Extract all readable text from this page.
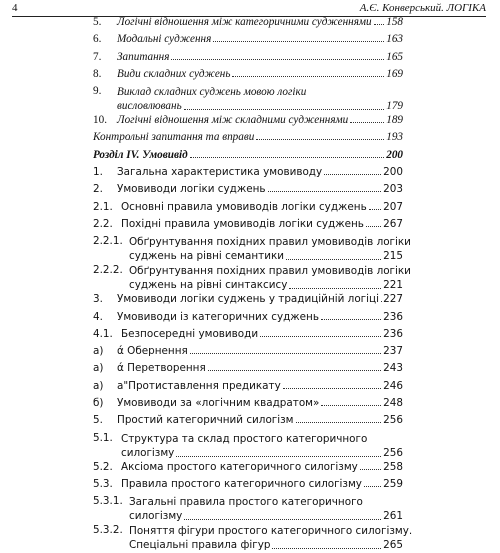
4	А.Є. Конверський. ЛОГІКА
5.	Логічні відношення між категоричними судженнями 158
6.	Модальні судження	163
7.	Запитання	165
8.	Види складних суджень	169
9.	Виклад складних суджень мовою логіки
висловлювань	179
10. Логічні відношення між складними судженнями	189
Контрольні запитання та вправи	193
Розділ IV. Умовивід	200
1.	Загальна характеристика умовиводу	200
2.	Умовиводи логіки суджень	203
2.1. Основні правила умовиводів логіки суджень 207
2.2. Похідні правила умовиводів логіки суджень 267
2.2.1. Обґрунтування похідних правил умовиводів логіки
суджень на рівні семантики	215
2.2.2. Обґрунтування похідних правил умовиводів логіки
суджень на рівні синтаксису	221
3.	Умовиводи логіки суджень у традиційній логіці 227
4.	Умовиводи із категоричних суджень	236
4.1. Безпосередні умовиводи	236
а)	ά Обернення	237
а)	ά Перетворення	243
а)	а"Протиставлення предикату	246
б)	Умовиводи за «логічним квадратом»	248
5.	Простий категоричний силогізм	256
5.1. Структура та склад простого категоричного
силогізму	256
5.2. Аксіома простого категоричного силогізму 258
5.3. Правила простого категоричного силогізму 259
5.3.1. Загальні правила простого категоричного
силогізму	261
5.3.2. Поняття фігури простого категоричного силогізму.
Спеціальні правила фігур	265
